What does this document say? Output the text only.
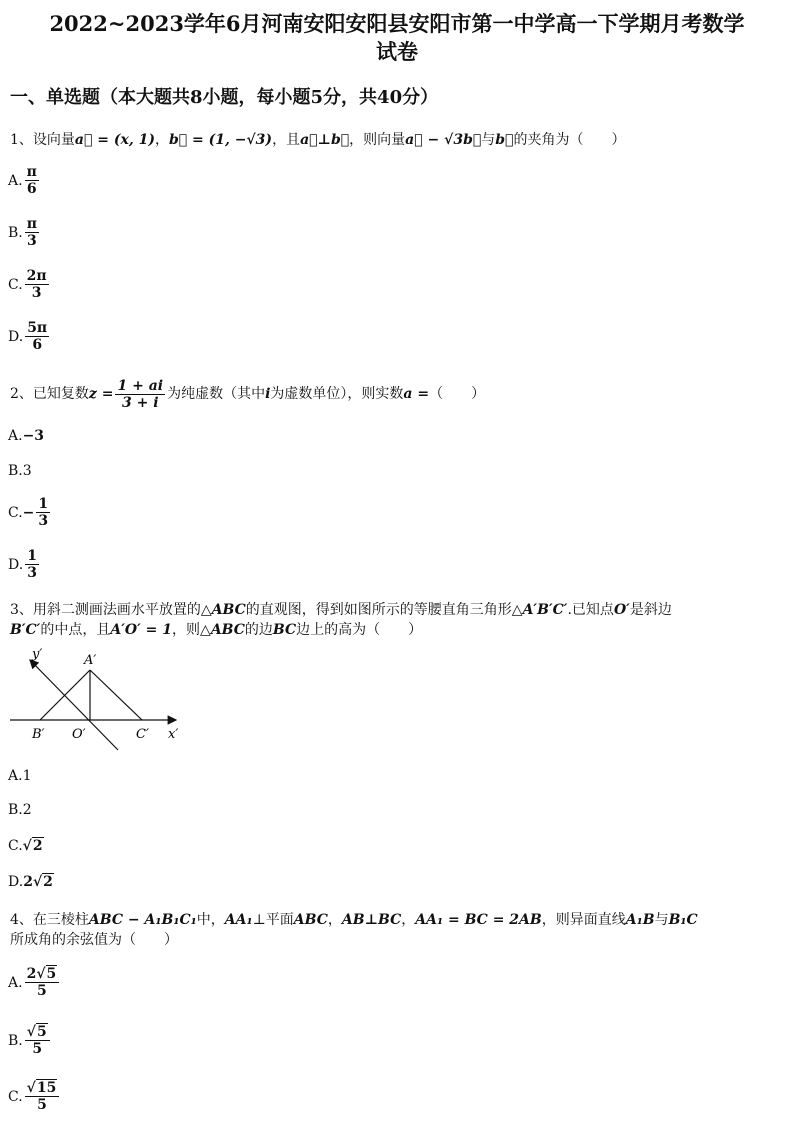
2022~2023学年6月河南安阳安阳县安阳市第一中学高一下学期月考数学
试卷
一、单选题（本大题共8小题，每小题5分，共40分）
1、设向量a⃗ = (x, 1)，b⃗ = (1, −√3)，且a⃗⊥b⃗，则向量a⃗ − √3b⃗与b⃗的夹角为（　　）
A. $\frac{\pi}{6}$
B. $\frac{\pi}{3}$
C. $\frac{2\pi}{3}$
D. $\frac{5\pi}{6}$
2、已知复数 $z = \frac{1 + ai}{3 + i}$ 为纯虚数（其中 i 为虚数单位），则实数 a = （　　）
A. −3
B. 3
C. − $\frac{1}{3}$
D. $\frac{1}{3}$
3、用斜二测画法画水平放置的△ABC的直观图，得到如图所示的等腰直角三角形△A′B′C′.已知点O′是斜边
B′C′的中点，且A′O′ = 1，则△ABC的边BC边上的高为（　　）
y′	A′
B′ O′	C′ x′
A. 1
B. 2
C. √2
D. 2 √2
4、在三棱柱ABC − A₁B₁C₁中，AA₁⊥平面ABC，AB⊥BC，AA₁ = BC = 2AB，则异面直线A₁B与B₁C
所成角的余弦值为（　　）
A. $\frac{2√5}{5}$
B. $\frac{√5}{5}$
C. $\frac{√15}{5}$
